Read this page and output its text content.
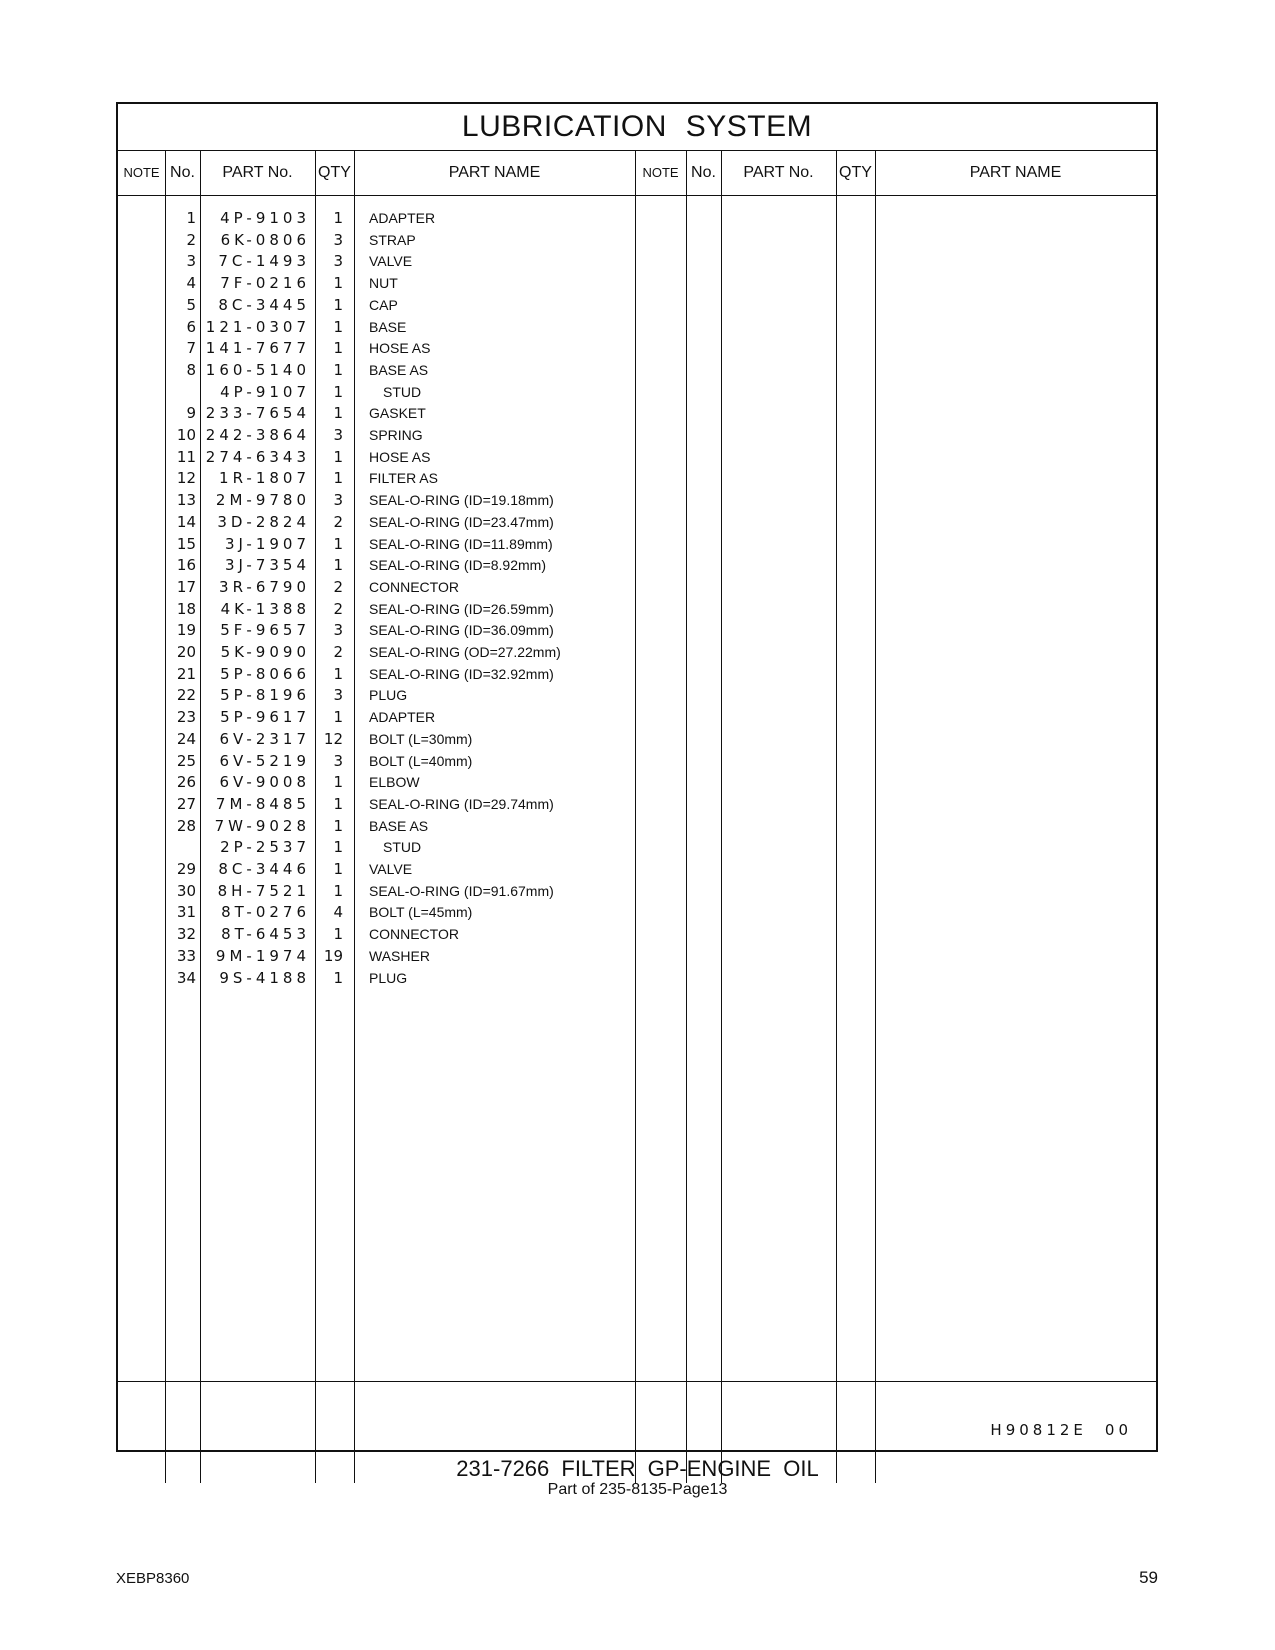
LUBRICATION SYSTEM
NOTE No.	PART No.	QTY	PART NAME	NOTE No.	PART No.	QTY	PART NAME
1	4P-9103	1 ADAPTER
2	6K-0806	3 STRAP
3	7C-1493	3 VALVE
4	7F-0216	1 NUT
5	8C-3445	1 CAP
6 121-0307	1 BASE
7 141-7677	1 HOSE AS
8 160-5140	1 BASE AS
4P-9107	1	STUD
9 233-7654	1 GASKET
10 242-3864	3 SPRING
11 274-6343	1 HOSE AS
12	1R-1807	1 FILTER AS
13	2M-9780	3 SEAL-O-RING (ID=19.18mm)
14	3D-2824	2 SEAL-O-RING (ID=23.47mm)
15	3J-1907	1 SEAL-O-RING (ID=11.89mm)
16	3J-7354	1 SEAL-O-RING (ID=8.92mm)
17	3R-6790	2 CONNECTOR
18	4K-1388	2 SEAL-O-RING (ID=26.59mm)
19	5F-9657	3 SEAL-O-RING (ID=36.09mm)
20	5K-9090	2 SEAL-O-RING (OD=27.22mm)
21	5P-8066	1 SEAL-O-RING (ID=32.92mm)
22	5P-8196	3 PLUG
23	5P-9617	1 ADAPTER
24	6V-2317 12 BOLT (L=30mm)
25	6V-5219	3 BOLT (L=40mm)
26	6V-9008	1 ELBOW
27	7M-8485	1 SEAL-O-RING (ID=29.74mm)
28	7W-9028	1 BASE AS
2P-2537	1	STUD
29	8C-3446	1 VALVE
30	8H-7521	1 SEAL-O-RING (ID=91.67mm)
31	8T-0276	4 BOLT (L=45mm)
32	8T-6453	1 CONNECTOR
33	9M-1974 19 WASHER
34	9S-4188	1 PLUG
H90812E 00
231-7266 FILTER GP-ENGINE OIL
Part of 235-8135-Page13
XEBP8360	59
